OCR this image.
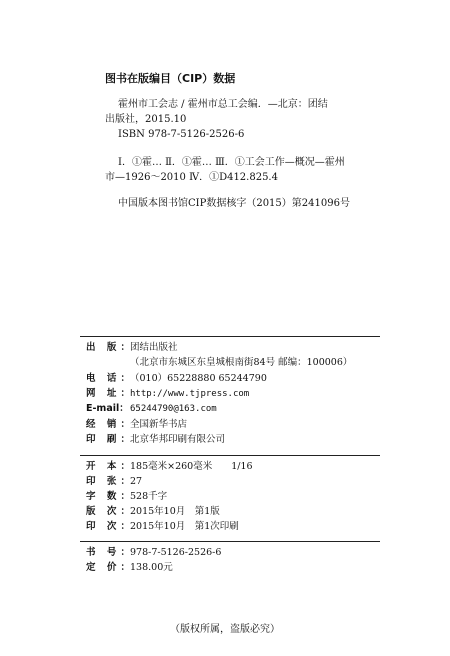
图书在版编目（CIP）数据
霍州市工会志 / 霍州市总工会编．—北京：团结
出版社，2015.10
ISBN 978-7-5126-2526-6
Ⅰ．①霍… Ⅱ．①霍… Ⅲ．①工会工作—概况—霍州
市—1926～2010 Ⅳ．①D412.825.4
中国版本图书馆CIP数据核字（2015）第241096号
出 版：团结出版社
（北京市东城区东皇城根南街84号 邮编：100006）
电 话：（010）65228880 65244790
网 址：http://www.tjpress.com
E-mail：65244790@163.com
经 销：全国新华书店
印 刷：北京华邦印刷有限公司
开 本：185毫米×260毫米　　1/16
印 张：27
字 数：528千字
版 次：2015年10月　第1版
印 次：2015年10月　第1次印刷
书 号：978-7-5126-2526-6
定 价：138.00元
（版权所属，盗版必究）
